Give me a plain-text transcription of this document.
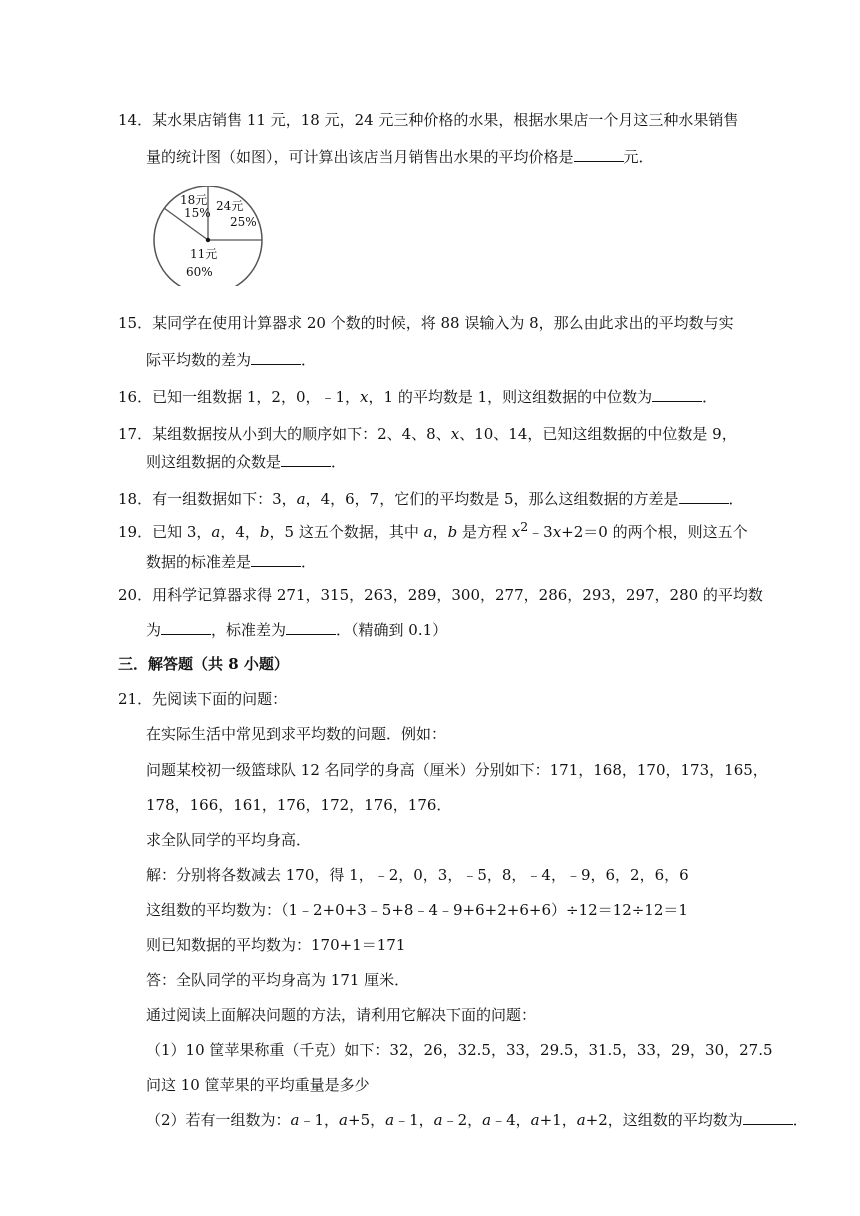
14．某水果店销售 11 元，18 元，24 元三种价格的水果，根据水果店一个月这三种水果销售
量的统计图（如图），可计算出该店当月销售出水果的平均价格是	元．
18元
15% 24元
25%
11元
60%
15．某同学在使用计算器求 20 个数的时候，将 88 误输入为 8，那么由此求出的平均数与实
际平均数的差为	．
16．已知一组数据 1，2，0，﹣1，x，1 的平均数是 1，则这组数据的中位数为	．
17．某组数据按从小到大的顺序如下：2、4、8、x、10、14，已知这组数据的中位数是 9，
则这组数据的众数是	．
18．有一组数据如下：3，a，4，6，7，它们的平均数是 5，那么这组数据的方差是	．
19．已知 3，a，4，b，5 这五个数据，其中 a，b 是方程 $x^2﹣3x+2=0$ 的两个根，则这五个
数据的标准差是	．
20．用科学记算器求得 271，315，263，289，300，277，286，293，297，280 的平均数
为	，标准差为	．（精确到 0.1）
三．解答题（共 8 小题）
21．先阅读下面的问题：
在实际生活中常见到求平均数的问题．例如：
问题某校初一级篮球队 12 名同学的身高（厘米）分别如下：171，168，170，173，165，
178，166，161，176，172，176，176．
求全队同学的平均身高．
解：分别将各数减去 170，得 1，﹣2，0，3，﹣5，8，﹣4，﹣9，6，2，6，6
这组数的平均数为：（1﹣2+0+3﹣5+8﹣4﹣9+6+2+6+6）÷12＝12÷12＝1
则已知数据的平均数为：170+1＝171
答：全队同学的平均身高为 171 厘米．
通过阅读上面解决问题的方法，请利用它解决下面的问题：
（1）10 筐苹果称重（千克）如下：32，26，32.5，33，29.5，31.5，33，29，30，27.5
问这 10 筐苹果的平均重量是多少
（2）若有一组数为：a﹣1，a+5，a﹣1，a﹣2，a﹣4，a+1，a+2，这组数的平均数为	．
